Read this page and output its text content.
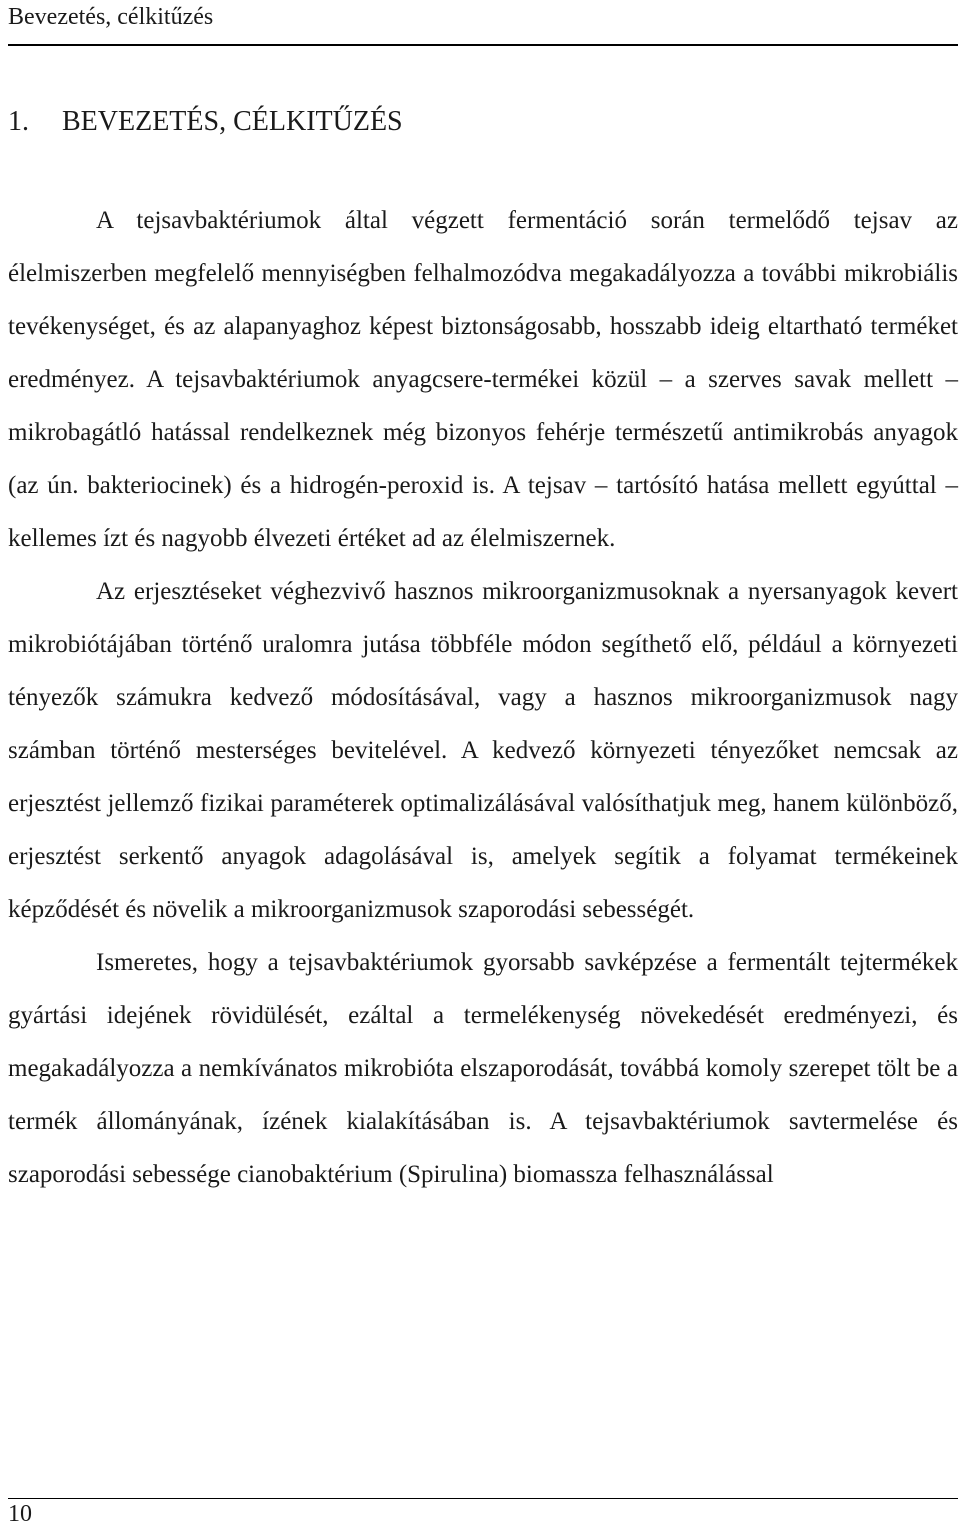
Bevezetés, célkitűzés
1. BEVEZETÉS, CÉLKITŰZÉS

A tejsavbaktériumok által végzett fermentáció során termelődő tejsav az élelmiszerben megfelelő mennyiségben felhalmozódva megakadályozza a további mikrobiális tevékenységet, és az alapanyaghoz képest biztonságosabb, hosszabb ideig eltartható terméket eredményez. A tejsavbaktériumok anyagcsere-termékei közül – a szerves savak mellett – mikrobagátló hatással rendelkeznek még bizonyos fehérje természetű antimikrobás anyagok (az ún. bakteriocinek) és a hidrogén-peroxid is. A tejsav – tartósító hatása mellett egyúttal – kellemes ízt és nagyobb élvezeti értéket ad az élelmiszernek.

Az erjesztéseket véghezvivő hasznos mikroorganizmusoknak a nyersanyagok kevert mikrobiótájában történő uralomra jutása többféle módon segíthető elő, például a környezeti tényezők számukra kedvező módosításával, vagy a hasznos mikroorganizmusok nagy számban történő mesterséges bevitelével. A kedvező környezeti tényezőket nemcsak az erjesztést jellemző fizikai paraméterek optimalizálásával valósíthatjuk meg, hanem különböző, erjesztést serkentő anyagok adagolásával is, amelyek segítik a folyamat termékeinek képződését és növelik a mikroorganizmusok szaporodási sebességét.

Ismeretes, hogy a tejsavbaktériumok gyorsabb savképzése a fermentált tejtermékek gyártási idejének rövidülését, ezáltal a termelékenység növekedését eredményezi, és megakadályozza a nemkívánatos mikrobióta elszaporodását, továbbá komoly szerepet tölt be a termék állományának, ízének kialakításában is. A tejsavbaktériumok savtermelése és szaporodási sebessége cianobaktérium (Spirulina) biomassza felhasználással

10
